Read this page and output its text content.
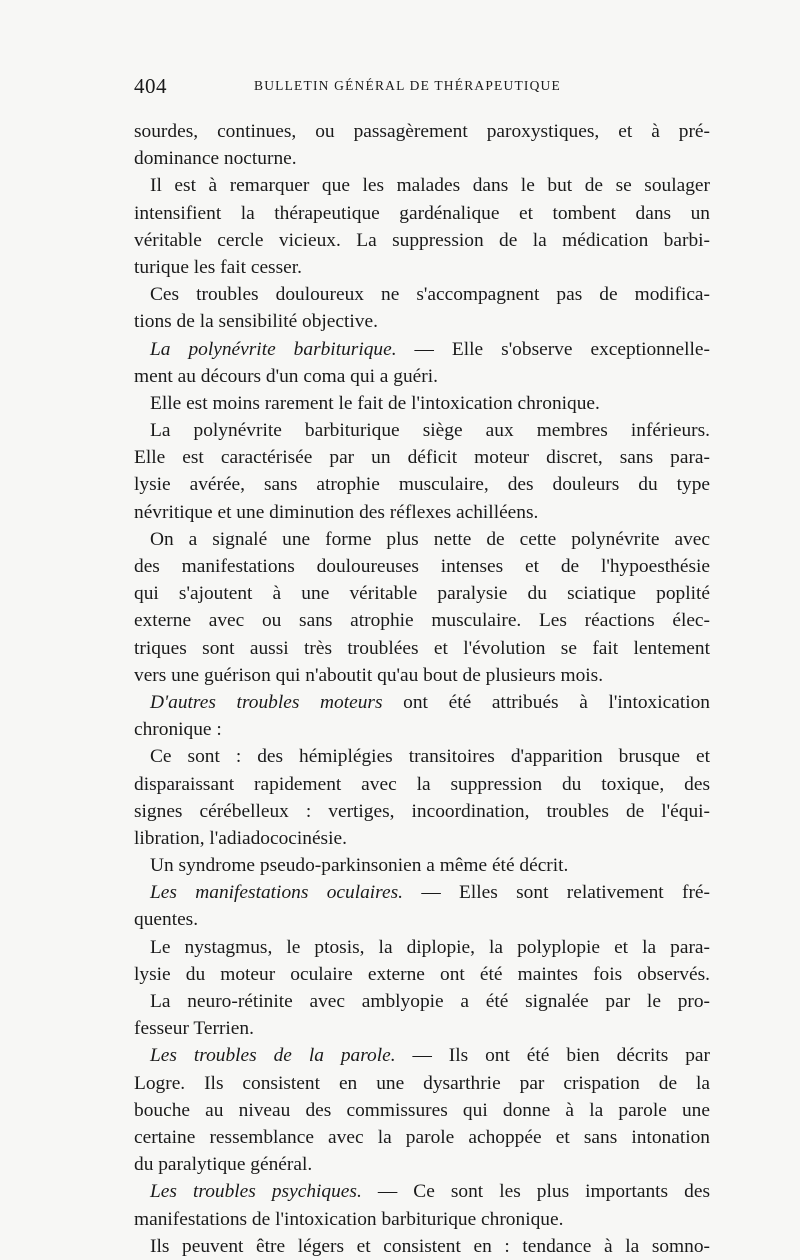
404	BULLETIN GÉNÉRAL DE THÉRAPEUTIQUE
sourdes, continues, ou passagèrement paroxystiques, et à pré-
dominance nocturne.
Il est à remarquer que les malades dans le but de se soulager
intensifient la thérapeutique gardénalique et tombent dans un
véritable cercle vicieux. La suppression de la médication barbi-
turique les fait cesser.
Ces troubles douloureux ne s'accompagnent pas de modifica-
tions de la sensibilité objective.
La polynévrite barbiturique. — Elle s'observe exceptionnelle-
ment au décours d'un coma qui a guéri.
Elle est moins rarement le fait de l'intoxication chronique.
La polynévrite barbiturique siège aux membres inférieurs.
Elle est caractérisée par un déficit moteur discret, sans para-
lysie avérée, sans atrophie musculaire, des douleurs du type
névritique et une diminution des réflexes achilléens.
On a signalé une forme plus nette de cette polynévrite avec
des manifestations douloureuses intenses et de l'hypoesthésie
qui s'ajoutent à une véritable paralysie du sciatique poplité
externe avec ou sans atrophie musculaire. Les réactions élec-
triques sont aussi très troublées et l'évolution se fait lentement
vers une guérison qui n'aboutit qu'au bout de plusieurs mois.
D'autres troubles moteurs ont été attribués à l'intoxication
chronique :
Ce sont : des hémiplégies transitoires d'apparition brusque et
disparaissant rapidement avec la suppression du toxique, des
signes cérébelleux : vertiges, incoordination, troubles de l'équi-
libration, l'adiadococinésie.
Un syndrome pseudo-parkinsonien a même été décrit.
Les manifestations oculaires. — Elles sont relativement fré-
quentes.
Le nystagmus, le ptosis, la diplopie, la polyplopie et la para-
lysie du moteur oculaire externe ont été maintes fois observés.
La neuro-rétinite avec amblyopie a été signalée par le pro-
fesseur Terrien.
Les troubles de la parole. — Ils ont été bien décrits par
Logre. Ils consistent en une dysarthrie par crispation de la
bouche au niveau des commissures qui donne à la parole une
certaine ressemblance avec la parole achoppée et sans intonation
du paralytique général.
Les troubles psychiques. — Ce sont les plus importants des
manifestations de l'intoxication barbiturique chronique.
Ils peuvent être légers et consistent en : tendance à la somno-
